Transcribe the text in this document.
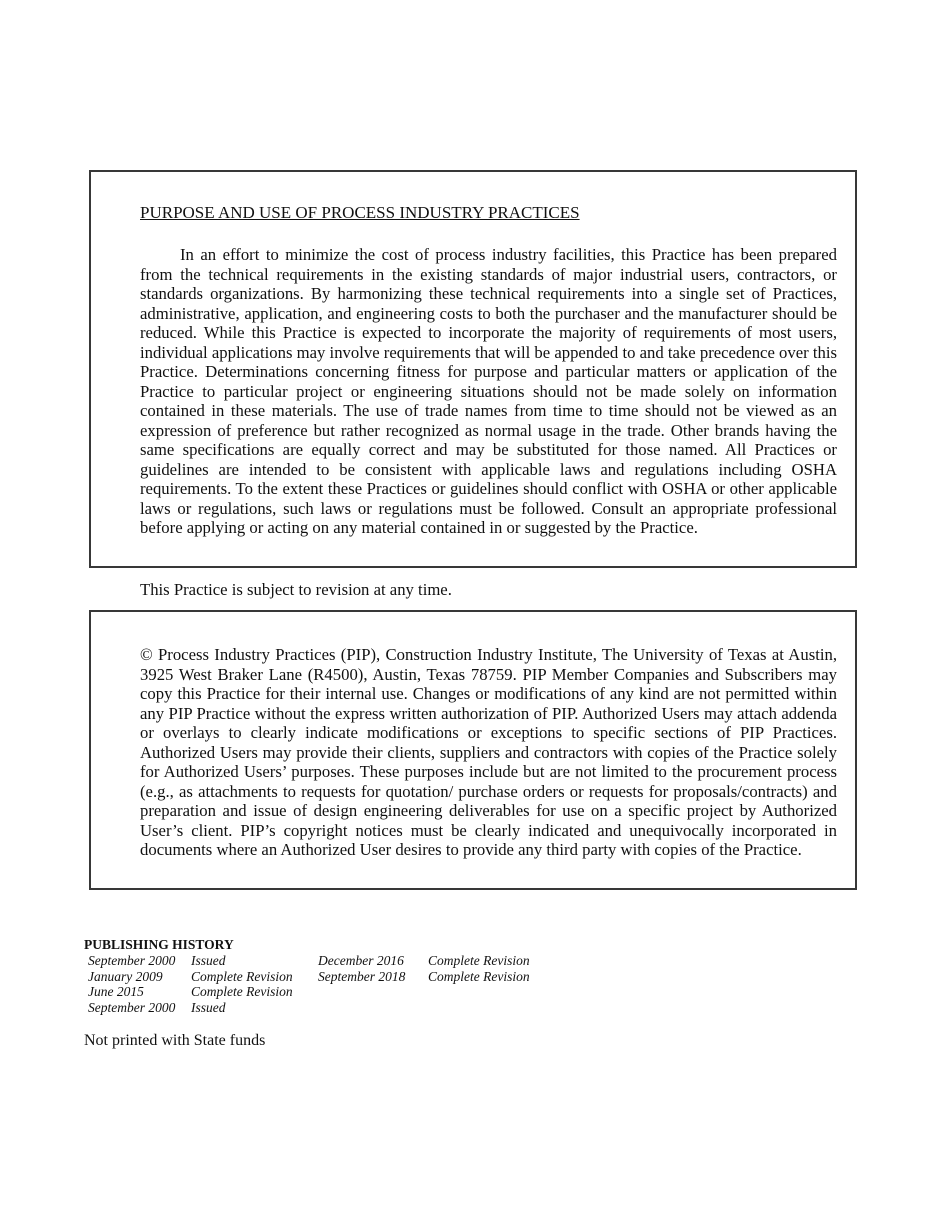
PURPOSE AND USE OF PROCESS INDUSTRY PRACTICES

In an effort to minimize the cost of process industry facilities, this Practice has been prepared from the technical requirements in the existing standards of major industrial users, contractors, or standards organizations. By harmonizing these technical requirements into a single set of Practices, administrative, application, and engineering costs to both the purchaser and the manufacturer should be reduced. While this Practice is expected to incorporate the majority of requirements of most users, individual applications may involve requirements that will be appended to and take precedence over this Practice. Determinations concerning fitness for purpose and particular matters or application of the Practice to particular project or engineering situations should not be made solely on information contained in these materials. The use of trade names from time to time should not be viewed as an expression of preference but rather recognized as normal usage in the trade. Other brands having the same specifications are equally correct and may be substituted for those named. All Practices or guidelines are intended to be consistent with applicable laws and regulations including OSHA requirements. To the extent these Practices or guidelines should conflict with OSHA or other applicable laws or regulations, such laws or regulations must be followed. Consult an appropriate professional before applying or acting on any material contained in or suggested by the Practice.

This Practice is subject to revision at any time.

© Process Industry Practices (PIP), Construction Industry Institute, The University of Texas at Austin, 3925 West Braker Lane (R4500), Austin, Texas 78759. PIP Member Companies and Subscribers may copy this Practice for their internal use. Changes or modifications of any kind are not permitted within any PIP Practice without the express written authorization of PIP. Authorized Users may attach addenda or overlays to clearly indicate modifications or exceptions to specific sections of PIP Practices. Authorized Users may provide their clients, suppliers and contractors with copies of the Practice solely for Authorized Users’ purposes. These purposes include but are not limited to the procurement process (e.g., as attachments to requests for quotation/ purchase orders or requests for proposals/contracts) and preparation and issue of design engineering deliverables for use on a specific project by Authorized User’s client. PIP’s copyright notices must be clearly indicated and unequivocally incorporated in documents where an Authorized User desires to provide any third party with copies of the Practice.

PUBLISHING HISTORY

September 2000	Issued	December 2016	Complete Revision
January 2009	Complete Revision	September 2018	Complete Revision
June 2015	Complete Revision
September 2000	Issued
Not printed with State funds
